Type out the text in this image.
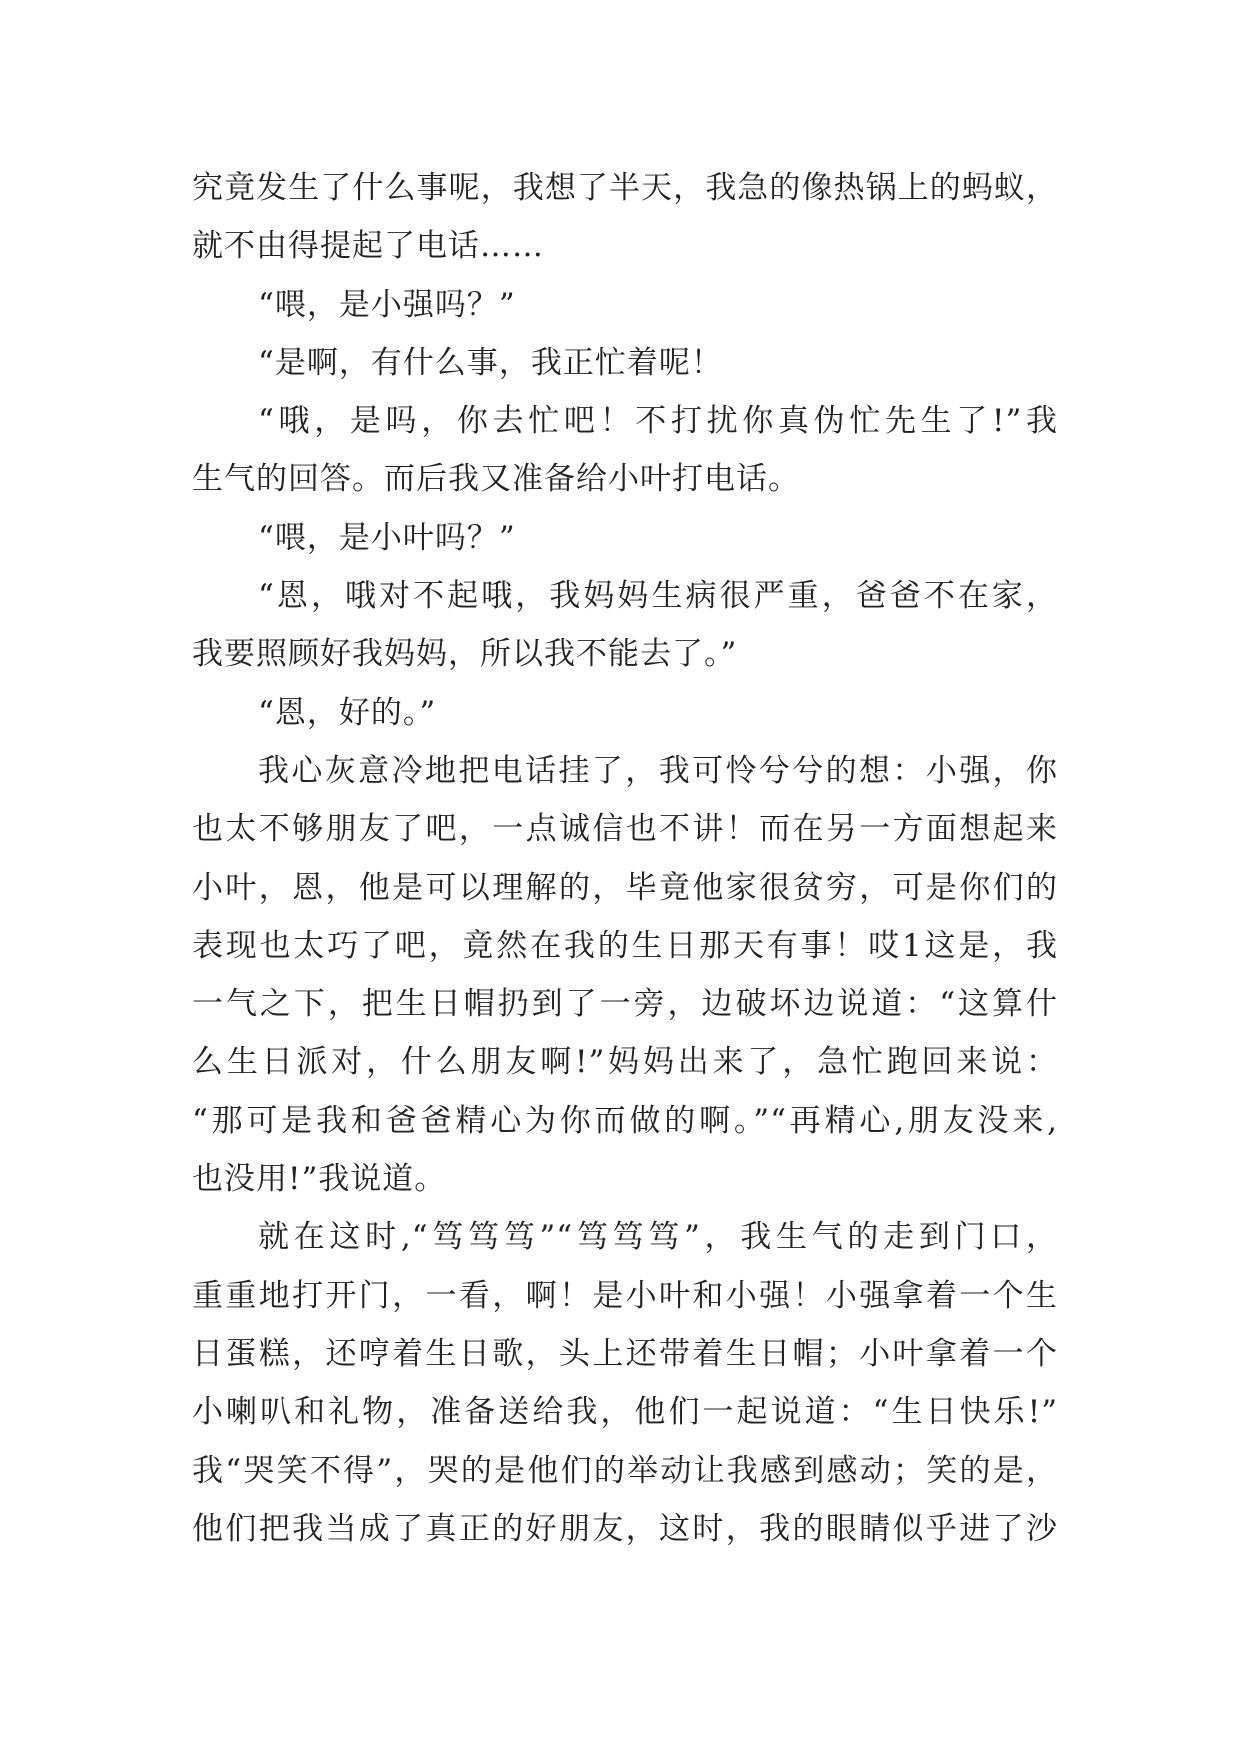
究竟发生了什么事呢，我想了半天，我急的像热锅上的蚂蚁，
就不由得提起了电话……
“喂，是小强吗？”
“是啊，有什么事，我正忙着呢！
“哦，是吗，你去忙吧！不打扰你真伪忙先生了!”我
生气的回答。而后我又准备给小叶打电话。
“喂，是小叶吗？”
“恩，哦对不起哦，我妈妈生病很严重，爸爸不在家，
我要照顾好我妈妈，所以我不能去了。”
“恩，好的。”
我心灰意冷地把电话挂了，我可怜兮兮的想：小强，你
也太不够朋友了吧，一点诚信也不讲！而在另一方面想起来
小叶，恩，他是可以理解的，毕竟他家很贫穷，可是你们的
表现也太巧了吧，竟然在我的生日那天有事！哎1这是，我
一气之下，把生日帽扔到了一旁，边破坏边说道：“这算什
么生日派对，什么朋友啊!”妈妈出来了，急忙跑回来说：
“那可是我和爸爸精心为你而做的啊。”“再精心,朋友没来,
也没用!”我说道。
就在这时,“笃笃笃”“笃笃笃”，我生气的走到门口，
重重地打开门，一看，啊！是小叶和小强！小强拿着一个生
日蛋糕，还哼着生日歌，头上还带着生日帽；小叶拿着一个
小喇叭和礼物，准备送给我，他们一起说道：“生日快乐!”
我“哭笑不得”，哭的是他们的举动让我感到感动；笑的是，
他们把我当成了真正的好朋友，这时，我的眼睛似乎进了沙
